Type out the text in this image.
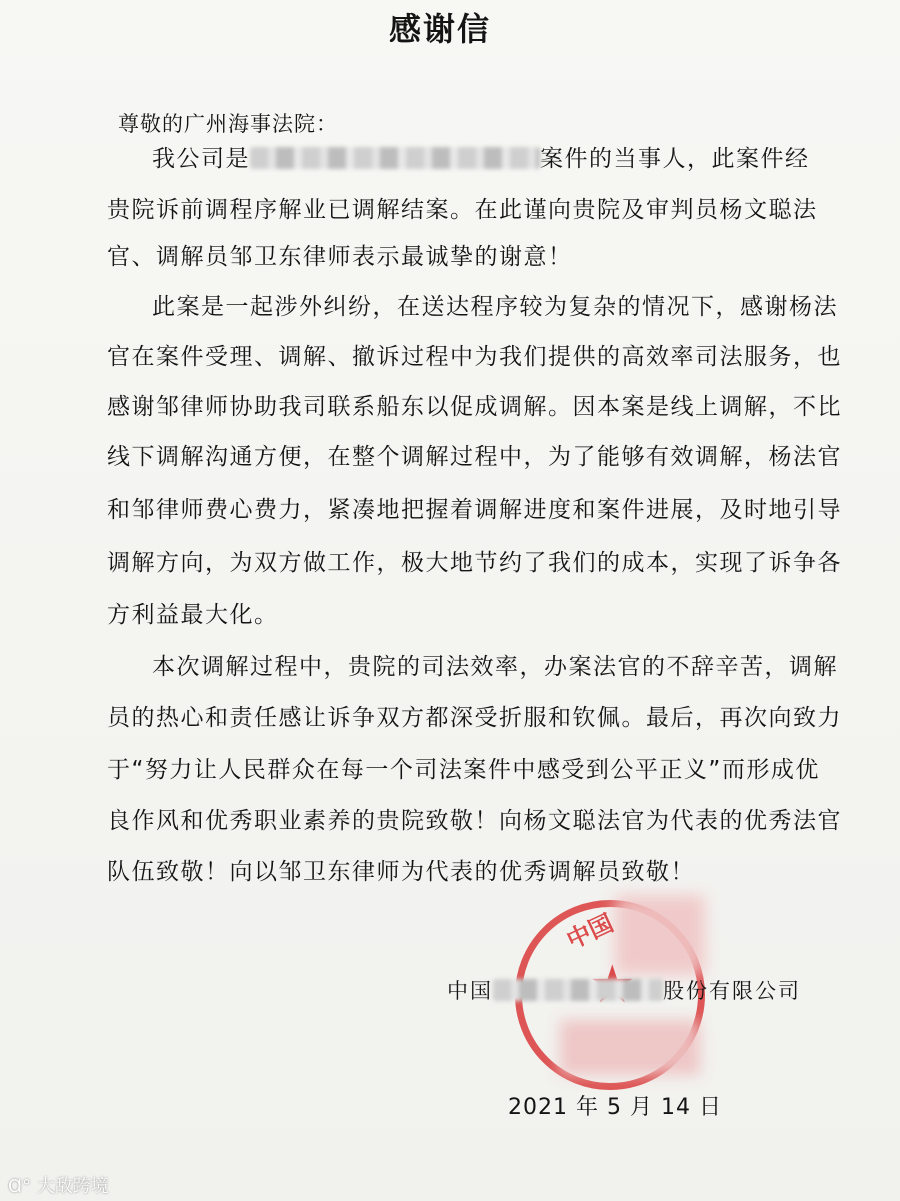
感谢信
尊敬的广州海事法院：
我公司是	案件的当事人，此案件经
贵院诉前调程序解业已调解结案。在此谨向贵院及审判员杨文聪法
官、调解员邹卫东律师表示最诚挚的谢意！
此案是一起涉外纠纷，在送达程序较为复杂的情况下，感谢杨法
官在案件受理、调解、撤诉过程中为我们提供的高效率司法服务，也
感谢邹律师协助我司联系船东以促成调解。因本案是线上调解，不比
线下调解沟通方便，在整个调解过程中，为了能够有效调解，杨法官
和邹律师费心费力，紧凑地把握着调解进度和案件进展，及时地引导
调解方向，为双方做工作，极大地节约了我们的成本，实现了诉争各
方利益最大化。
本次调解过程中，贵院的司法效率，办案法官的不辞辛苦，调解
员的热心和责任感让诉争双方都深受折服和钦佩。最后，再次向致力
于“努力让人民群众在每一个司法案件中感受到公平正义”而形成优
良作风和优秀职业素养的贵院致敬！向杨文聪法官为代表的优秀法官
队伍致敬！向以邹卫东律师为代表的优秀调解员致敬！
中国
中国	股份有限公司
2021 年 5 月 14 日
Ɑ° 大敌跨境
